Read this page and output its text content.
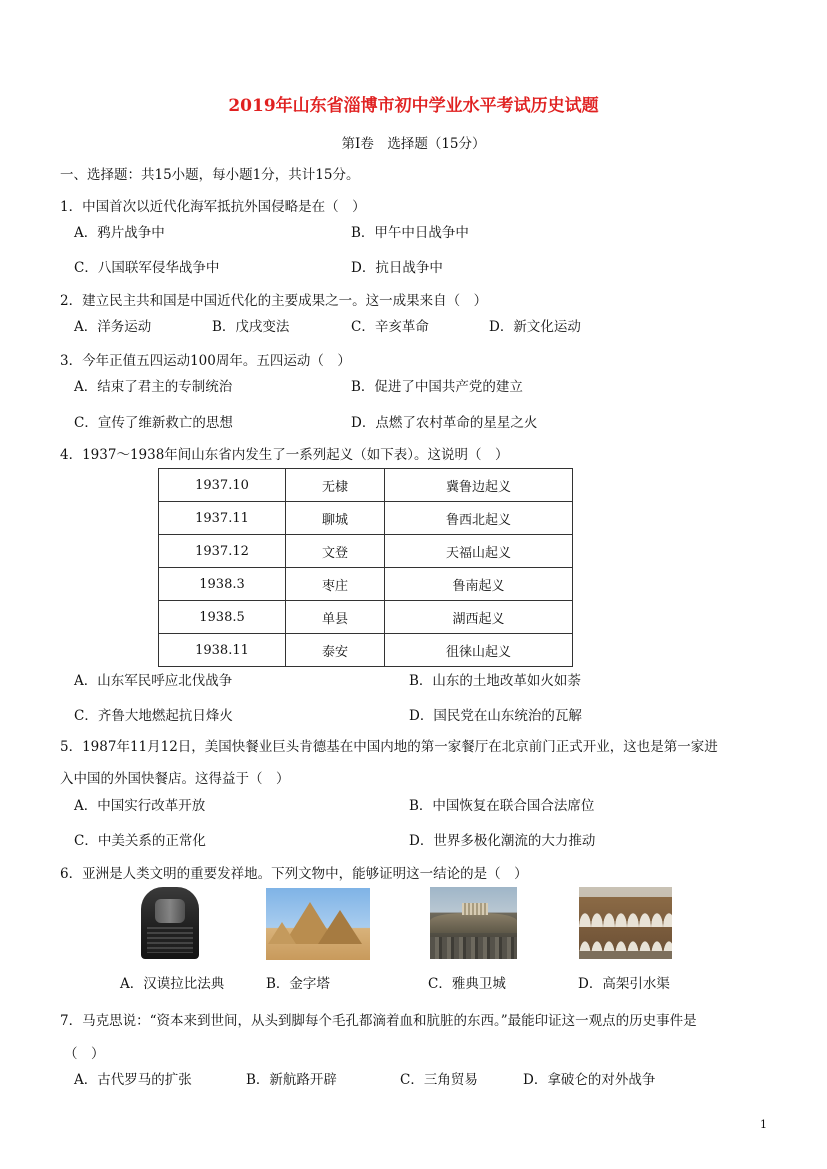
2019年山东省淄博市初中学业水平考试历史试题
第Ⅰ卷　选择题（15分）
一、选择题：共15小题，每小题1分，共计15分。
1．中国首次以近代化海军抵抗外国侵略是在（　）
A．鸦片战争中	B．甲午中日战争中
C．八国联军侵华战争中	D．抗日战争中
2．建立民主共和国是中国近代化的主要成果之一。这一成果来自（　）
A．洋务运动	B．戊戌变法	C．辛亥革命	D．新文化运动
3．今年正值五四运动100周年。五四运动（　）
A．结束了君主的专制统治	B．促进了中国共产党的建立
C．宣传了维新救亡的思想	D．点燃了农村革命的星星之火
4．1937～1938年间山东省内发生了一系列起义（如下表）。这说明（　）
1937.10	无棣	冀鲁边起义
1937.11	聊城	鲁西北起义
1937.12	文登	天福山起义
1938.3	枣庄	鲁南起义
1938.5	单县	湖西起义
1938.11	泰安	徂徕山起义
A．山东军民呼应北伐战争	B．山东的土地改革如火如荼
C．齐鲁大地燃起抗日烽火	D．国民党在山东统治的瓦解
5．1987年11月12日，美国快餐业巨头肯德基在中国内地的第一家餐厅在北京前门正式开业，这也是第一家进
入中国的外国快餐店。这得益于（　）
A．中国实行改革开放	B．中国恢复在联合国合法席位
C．中美关系的正常化	D．世界多极化潮流的大力推动
6．亚洲是人类文明的重要发祥地。下列文物中，能够证明这一结论的是（　）
A．汉谟拉比法典	B．金字塔	C．雅典卫城	D．高架引水渠
7．马克思说：“资本来到世间，从头到脚每个毛孔都滴着血和肮脏的东西。”最能印证这一观点的历史事件是
（　）
A．古代罗马的扩张	B．新航路开辟	C．三角贸易	D．拿破仑的对外战争
1
